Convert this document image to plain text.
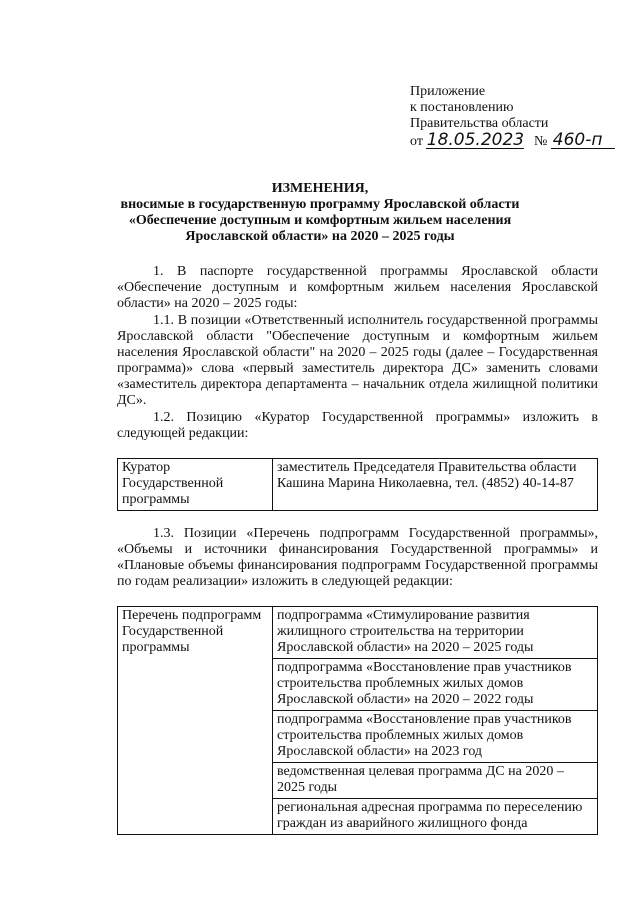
Приложение
к постановлению
Правительства области
от 18.05.2023 № 460-п
ИЗМЕНЕНИЯ,
вносимые в государственную программу Ярославской области
«Обеспечение доступным и комфортным жильем населения
Ярославской области» на 2020 – 2025 годы
1. В паспорте государственной программы Ярославской области «Обеспечение доступным и комфортным жильем населения Ярославской области» на 2020 – 2025 годы:
1.1. В позиции «Ответственный исполнитель государственной программы Ярославской области "Обеспечение доступным и комфортным жильем населения Ярославской области" на 2020 – 2025 годы (далее – Государственная программа)» слова «первый заместитель директора ДС» заменить словами «заместитель директора департамента – начальник отдела жилищной политики ДС».
1.2. Позицию «Куратор Государственной программы» изложить в следующей редакции:
Куратор Государственной программы	заместитель Председателя Правительства области Кашина Марина Николаевна, тел. (4852) 40-14-87
1.3. Позиции «Перечень подпрограмм Государственной программы», «Объемы и источники финансирования Государственной программы» и «Плановые объемы финансирования подпрограмм Государственной программы по годам реализации» изложить в следующей редакции:
Перечень подпрограмм Государственной программы	подпрограмма «Стимулирование развития жилищного строительства на территории Ярославской области» на 2020 – 2025 годы
подпрограмма «Восстановление прав участников строительства проблемных жилых домов Ярославской области» на 2020 – 2022 годы
подпрограмма «Восстановление прав участников строительства проблемных жилых домов Ярославской области» на 2023 год
ведомственная целевая программа ДС на 2020 – 2025 годы
региональная адресная программа по переселению граждан из аварийного жилищного фонда
